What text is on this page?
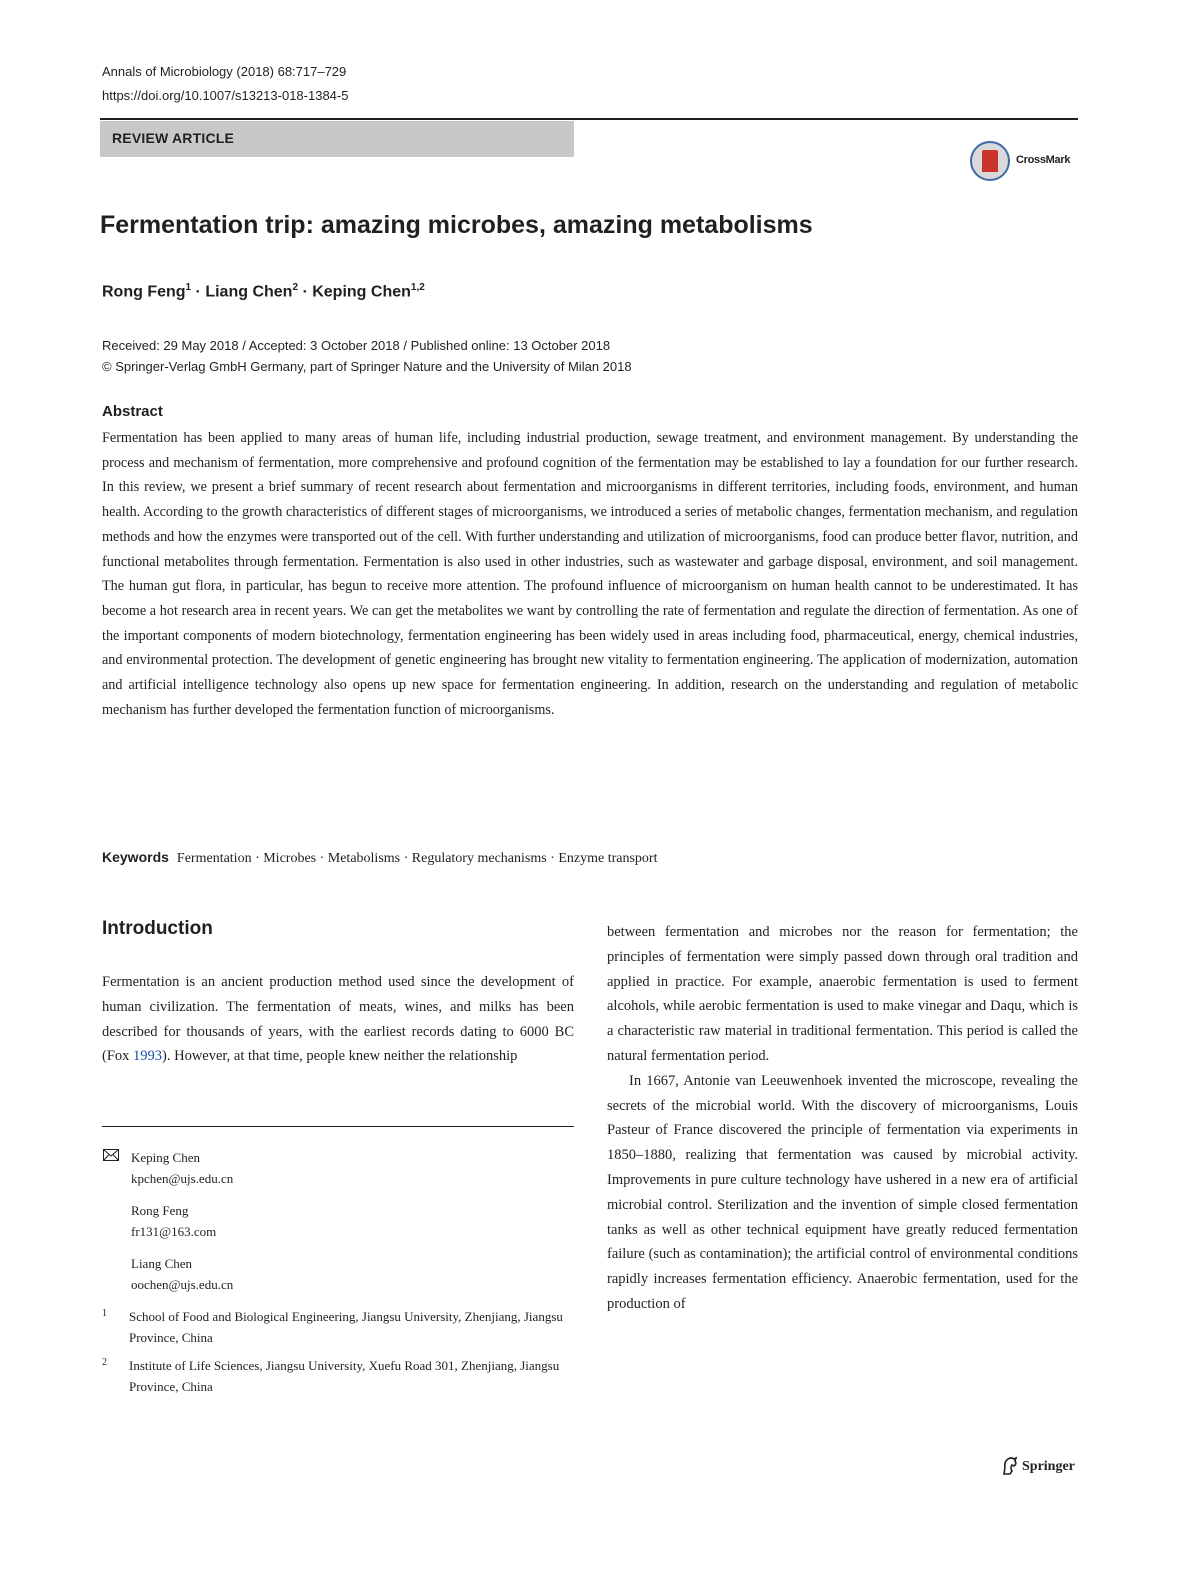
Annals of Microbiology (2018) 68:717–729
https://doi.org/10.1007/s13213-018-1384-5
REVIEW ARTICLE
CrossMark
Fermentation trip: amazing microbes, amazing metabolisms
Rong Feng$^1$ · Liang Chen$^2$ · Keping Chen$^{1,2}$
Received: 29 May 2018 / Accepted: 3 October 2018 / Published online: 13 October 2018
© Springer-Verlag GmbH Germany, part of Springer Nature and the University of Milan 2018
Abstract
Fermentation has been applied to many areas of human life, including industrial production, sewage treatment, and environment management. By understanding the process and mechanism of fermentation, more comprehensive and profound cognition of the fermentation may be established to lay a foundation for our further research. In this review, we present a brief summary of recent research about fermentation and microorganisms in different territories, including foods, environment, and human health. According to the growth characteristics of different stages of microorganisms, we introduced a series of metabolic changes, fermentation mechanism, and regulation methods and how the enzymes were transported out of the cell. With further understanding and utilization of microorganisms, food can produce better flavor, nutrition, and functional metabolites through fermentation. Fermentation is also used in other industries, such as wastewater and garbage disposal, environment, and soil management. The human gut flora, in particular, has begun to receive more attention. The profound influence of microorganism on human health cannot to be underestimated. It has become a hot research area in recent years. We can get the metabolites we want by controlling the rate of fermentation and regulate the direction of fermentation. As one of the important components of modern biotechnology, fermentation engineering has been widely used in areas including food, pharmaceutical, energy, chemical industries, and environmental protection. The development of genetic engineering has brought new vitality to fermentation engineering. The application of modernization, automation and artificial intelligence technology also opens up new space for fermentation engineering. In addition, research on the understanding and regulation of metabolic mechanism has further developed the fermentation function of microorganisms.
Keywords Fermentation · Microbes · Metabolisms · Regulatory mechanisms · Enzyme transport
Introduction

Fermentation is an ancient production method used since the development of human civilization. The fermentation of meats, wines, and milks has been described for thousands of years, with the earliest records dating to 6000 BC (Fox 1993). However, at that time, people knew neither the relationship

Keping Chen
kpchen@ujs.edu.cn
Rong Feng
fr131@163.com
Liang Chen
oochen@ujs.edu.cn
1 School of Food and Biological Engineering, Jiangsu University, Zhenjiang, Jiangsu Province, China
2 Institute of Life Sciences, Jiangsu University, Xuefu Road 301, Zhenjiang, Jiangsu Province, China

between fermentation and microbes nor the reason for fermentation; the principles of fermentation were simply passed down through oral tradition and applied in practice. For example, anaerobic fermentation is used to ferment alcohols, while aerobic fermentation is used to make vinegar and Daqu, which is a characteristic raw material in traditional fermentation. This period is called the natural fermentation period.

In 1667, Antonie van Leeuwenhoek invented the microscope, revealing the secrets of the microbial world. With the discovery of microorganisms, Louis Pasteur of France discovered the principle of fermentation via experiments in 1850–1880, realizing that fermentation was caused by microbial activity. Improvements in pure culture technology have ushered in a new era of artificial microbial control. Sterilization and the invention of simple closed fermentation tanks as well as other technical equipment have greatly reduced fermentation failure (such as contamination); the artificial control of environmental conditions rapidly increases fermentation efficiency. Anaerobic fermentation, used for the production of

Springer
